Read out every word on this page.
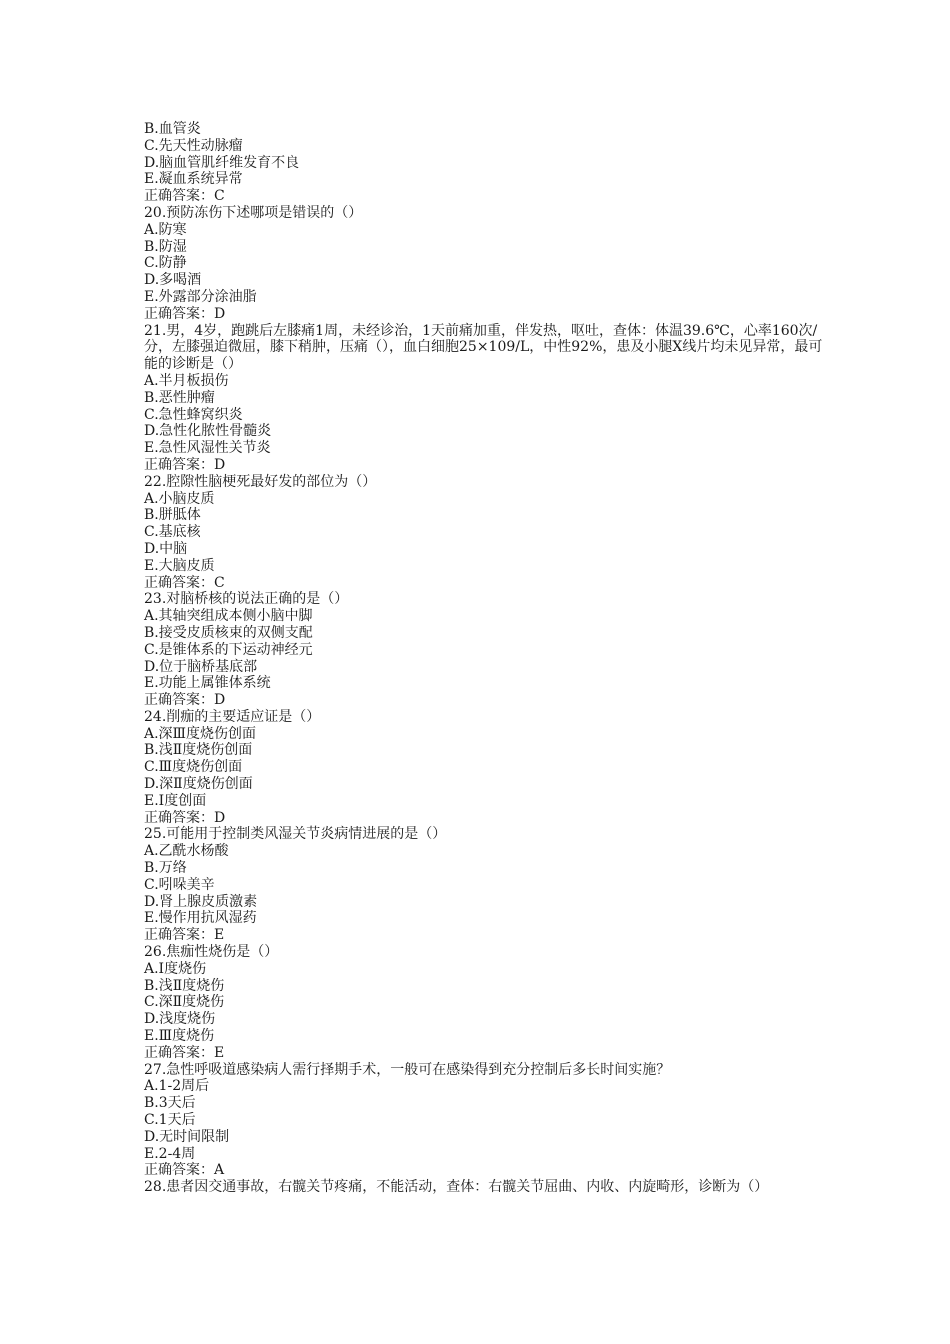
B.血管炎
C.先天性动脉瘤
D.脑血管肌纤维发育不良
E.凝血系统异常
正确答案：C
20.预防冻伤下述哪项是错误的（）
A.防寒
B.防湿
C.防静
D.多喝酒
E.外露部分涂油脂
正确答案：D
21.男，4岁，跑跳后左膝痛1周，未经诊治，1天前痛加重，伴发热，呕吐，查体：体温39.6℃，心率160次/分，左膝强迫微屈，膝下稍肿，压痛（），血白细胞25×109/L，中性92%，患及小腿X线片均未见异常，最可能的诊断是（）
A.半月板损伤
B.恶性肿瘤
C.急性蜂窝织炎
D.急性化脓性骨髓炎
E.急性风湿性关节炎
正确答案：D
22.腔隙性脑梗死最好发的部位为（）
A.小脑皮质
B.胼胝体
C.基底核
D.中脑
E.大脑皮质
正确答案：C
23.对脑桥核的说法正确的是（）
A.其轴突组成本侧小脑中脚
B.接受皮质核束的双侧支配
C.是锥体系的下运动神经元
D.位于脑桥基底部
E.功能上属锥体系统
正确答案：D
24.削痂的主要适应证是（）
A.深Ⅲ度烧伤创面
B.浅Ⅱ度烧伤创面
C.Ⅲ度烧伤创面
D.深Ⅱ度烧伤创面
E.Ⅰ度创面
正确答案：D
25.可能用于控制类风湿关节炎病情进展的是（）
A.乙酰水杨酸
B.万络
C.吲哚美辛
D.肾上腺皮质激素
E.慢作用抗风湿药
正确答案：E
26.焦痂性烧伤是（）
A.Ⅰ度烧伤
B.浅Ⅱ度烧伤
C.深Ⅱ度烧伤
D.浅度烧伤
E.Ⅲ度烧伤
正确答案：E
27.急性呼吸道感染病人需行择期手术，一般可在感染得到充分控制后多长时间实施？
A.1-2周后
B.3天后
C.1天后
D.无时间限制
E.2-4周
正确答案：A
28.患者因交通事故，右髋关节疼痛，不能活动，查体：右髋关节屈曲、内收、内旋畸形，诊断为（）
